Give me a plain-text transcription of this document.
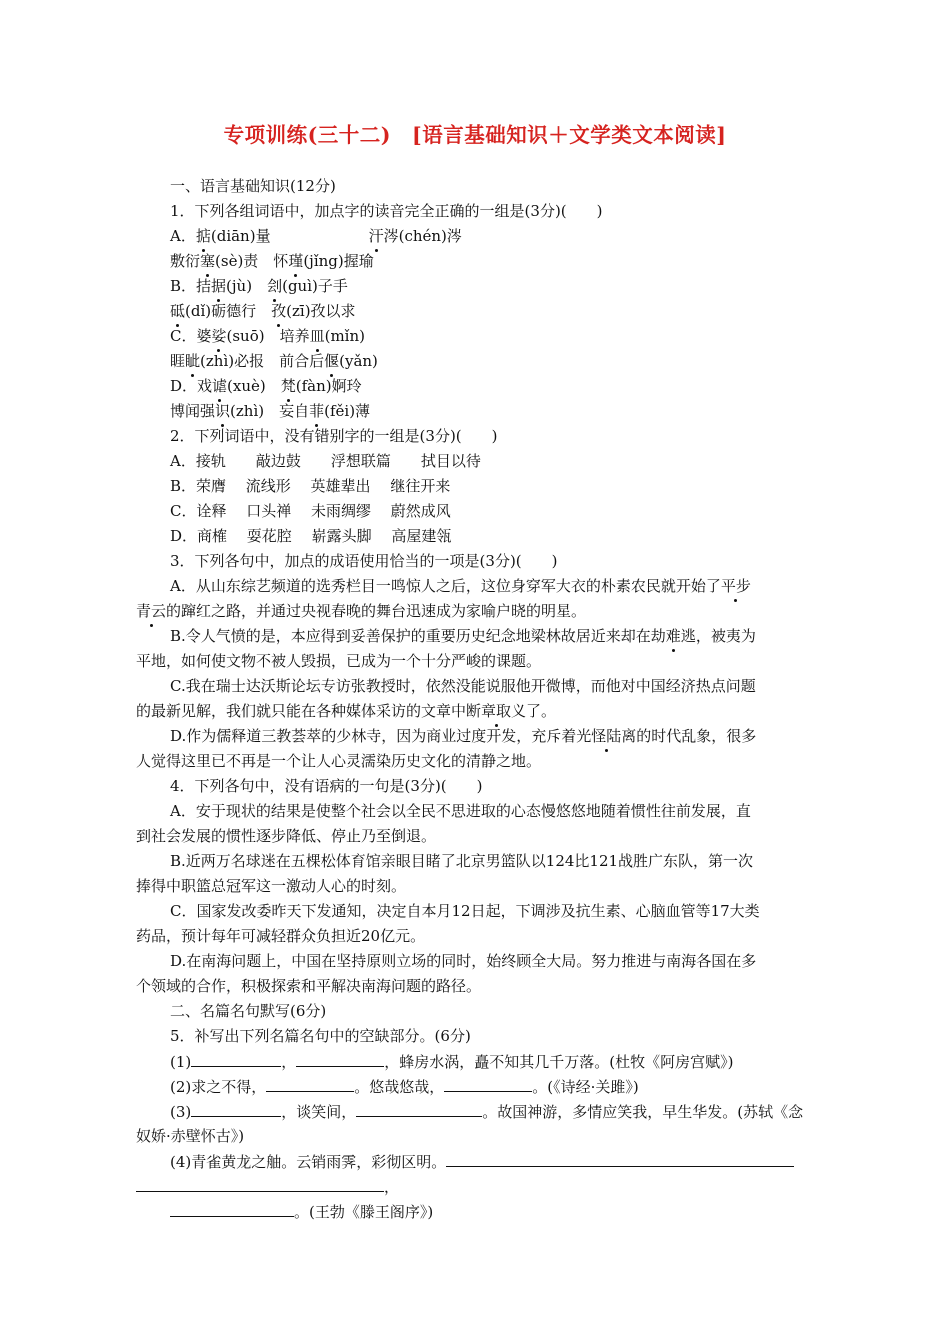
专项训练(三十二)　[语言基础知识＋文学类文本阅读]
一、语言基础知识(12分)
1．下列各组词语中，加点字的读音完全正确的一组是(3分)(　　)
A．掂(diān)量	汗涔(chén)涔
敷衍塞(sè)责　怀瑾(jǐng)握瑜
B．拮据(jù)　刽(guì)子手
砥(dǐ)砺德行　孜(zī)孜以求
C．婆娑(suō)　培养皿(mǐn)
睚眦(zhì)必报　前合后偃(yǎn)
D．戏谑(xuè)　梵(fàn)婀玲
博闻强识(zhì)　妄自菲(fěi)薄
2．下列词语中，没有错别字的一组是(3分)(　　)
A．接轨　　敲边鼓　　浮想联篇　　拭目以待
B．荣膺　 流线形　 英雄辈出　 继往开来
C．诠释　 口头禅　 未雨绸缪　 蔚然成风
D．商榷　 耍花腔　 崭露头脚　 高屋建瓴
3．下列各句中，加点的成语使用恰当的一项是(3分)(　　)
A．从山东综艺频道的选秀栏目一鸣惊人之后，这位身穿军大衣的朴素农民就开始了平步
青云的蹿红之路，并通过央视春晚的舞台迅速成为家喻户晓的明星。
B.令人气愤的是，本应得到妥善保护的重要历史纪念地梁林故居近来却在劫难逃，被夷为
平地，如何使文物不被人毁损，已成为一个十分严峻的课题。
C.我在瑞士达沃斯论坛专访张教授时，依然没能说服他开微博，而他对中国经济热点问题
的最新见解，我们就只能在各种媒体采访的文章中断章取义了。
D.作为儒释道三教荟萃的少林寺，因为商业过度开发，充斥着光怪陆离的时代乱象，很多
人觉得这里已不再是一个让人心灵濡染历史文化的清静之地。
4．下列各句中，没有语病的一句是(3分)(　　)
A．安于现状的结果是使整个社会以全民不思进取的心态慢悠悠地随着惯性往前发展，直
到社会发展的惯性逐步降低、停止乃至倒退。
B.近两万名球迷在五棵松体育馆亲眼目睹了北京男篮队以124比121战胜广东队，第一次
捧得中职篮总冠军这一激动人心的时刻。
C．国家发改委昨天下发通知，决定自本月12日起，下调涉及抗生素、心脑血管等17大类
药品，预计每年可减轻群众负担近20亿元。
D.在南海问题上，中国在坚持原则立场的同时，始终顾全大局。努力推进与南海各国在多
个领域的合作，积极探索和平解决南海问题的路径。
二、名篇名句默写(6分)
5．补写出下列名篇名句中的空缺部分。(6分)
(1)	，	，蜂房水涡，矗不知其几千万落。(杜牧《阿房宫赋》)
(2)求之不得，	。悠哉悠哉，	。(《诗经·关雎》)
(3)	，谈笑间，	。故国神游，多情应笑我，早生华发。(苏轼《念
奴娇·赤壁怀古》)
(4)青雀黄龙之舳。云销雨霁，彩彻区明。
，
。(王勃《滕王阁序》)
